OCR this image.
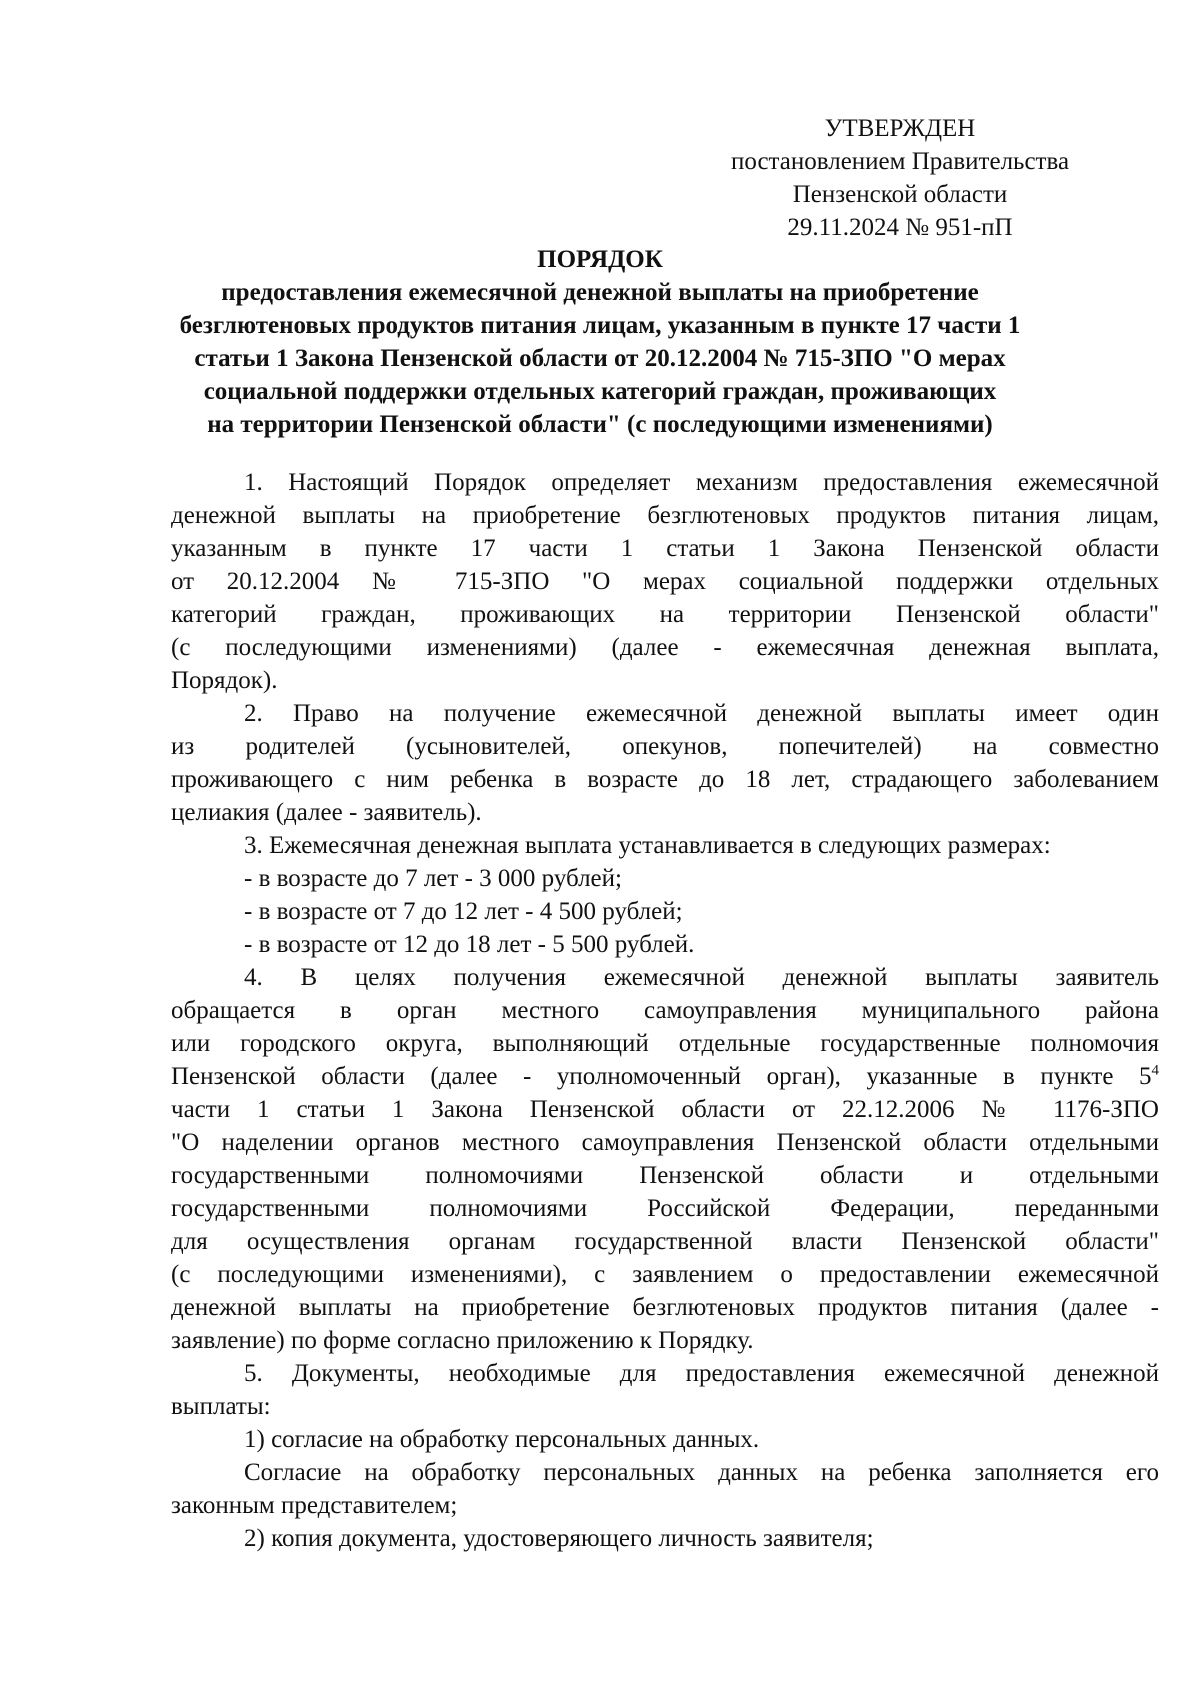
УТВЕРЖДЕН
постановлением Правительства
Пензенской области
29.11.2024 № 951-пП
ПОРЯДОК
предоставления ежемесячной денежной выплаты на приобретение
безглютеновых продуктов питания лицам, указанным в пункте 17 части 1
статьи 1 Закона Пензенской области от 20.12.2004 № 715-ЗПО "О мерах
социальной поддержки отдельных категорий граждан, проживающих
на территории Пензенской области" (с последующими изменениями)

1. Настоящий Порядок определяет механизм предоставления ежемесячной
денежной выплаты на приобретение безглютеновых продуктов питания лицам,
указанным в пункте 17 части 1 статьи 1 Закона Пензенской области
от 20.12.2004 № 715-ЗПО "О мерах социальной поддержки отдельных
категорий граждан, проживающих на территории Пензенской области"
(с последующими изменениями) (далее - ежемесячная денежная выплата,
Порядок).

2. Право на получение ежемесячной денежной выплаты имеет один
из родителей (усыновителей, опекунов, попечителей) на совместно
проживающего с ним ребенка в возрасте до 18 лет, страдающего заболеванием
целиакия (далее - заявитель).

3. Ежемесячная денежная выплата устанавливается в следующих размерах:
- в возрасте до 7 лет - 3 000 рублей;
- в возрасте от 7 до 12 лет - 4 500 рублей;
- в возрасте от 12 до 18 лет - 5 500 рублей.

4. В целях получения ежемесячной денежной выплаты заявитель
обращается в орган местного самоуправления муниципального района
или городского округа, выполняющий отдельные государственные полномочия
Пензенской области (далее - уполномоченный орган), указанные в пункте $5^4$
части 1 статьи 1 Закона Пензенской области от 22.12.2006 № 1176-ЗПО
"О наделении органов местного самоуправления Пензенской области отдельными
государственными полномочиями Пензенской области и отдельными
государственными полномочиями Российской Федерации, переданными
для осуществления органам государственной власти Пензенской области"
(с последующими изменениями), с заявлением о предоставлении ежемесячной
денежной выплаты на приобретение безглютеновых продуктов питания (далее -
заявление) по форме согласно приложению к Порядку.

5. Документы, необходимые для предоставления ежемесячной денежной
выплаты:
1) согласие на обработку персональных данных.
Согласие на обработку персональных данных на ребенка заполняется его
законным представителем;
2) копия документа, удостоверяющего личность заявителя;
